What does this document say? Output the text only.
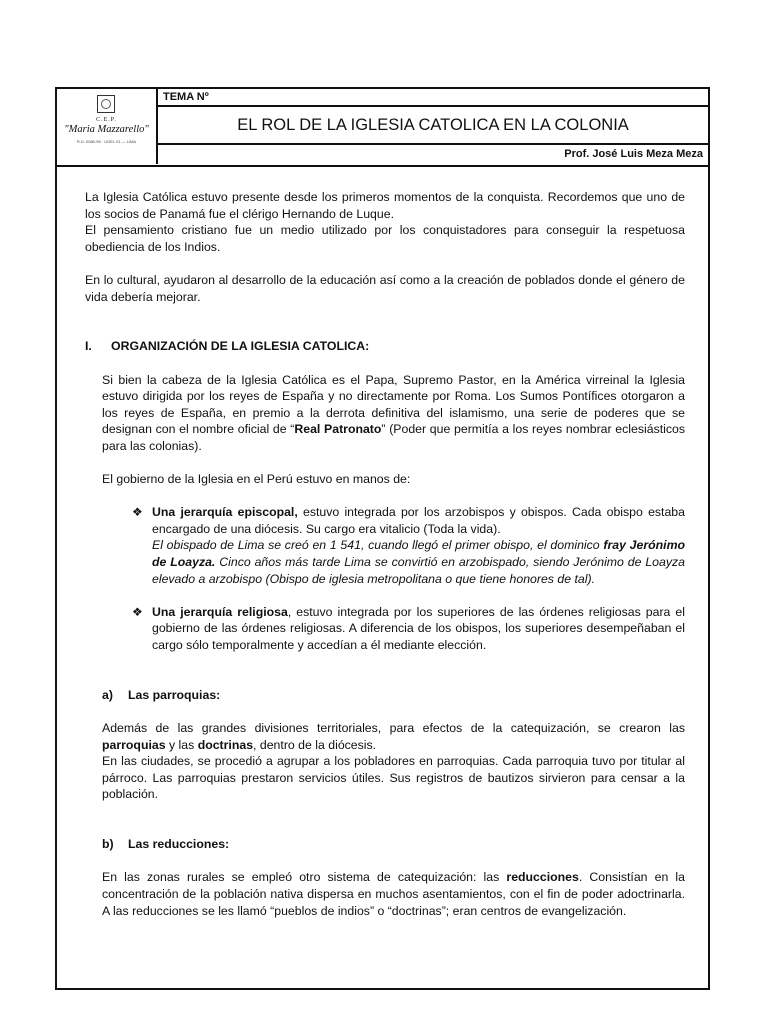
C.E.P.
"Maria Mazzarello"
R.D. 0080-95 · UGEL 01 — LIMA
TEMA Nº
EL ROL DE LA IGLESIA CATOLICA EN LA COLONIA
Prof. José Luis Meza Meza

La Iglesia Católica estuvo presente desde los primeros momentos de la conquista. Recordemos que uno de los socios de Panamá fue el clérigo Hernando de Luque.

El pensamiento cristiano fue un medio utilizado por los conquistadores para conseguir la respetuosa obediencia de los Indios.

En lo cultural, ayudaron al desarrollo de la educación así como a la creación de poblados donde el género de vida debería mejorar.

I. ORGANIZACIÓN DE LA IGLESIA CATOLICA:

Si bien la cabeza de la Iglesia Católica es el Papa, Supremo Pastor, en la América virreinal la Iglesia estuvo dirigida por los reyes de España y no directamente por Roma. Los Sumos Pontífices otorgaron a los reyes de España, en premio a la derrota definitiva del islamismo, una serie de poderes que se designan con el nombre oficial de “Real Patronato” (Poder que permitía a los reyes nombrar eclesiásticos para las colonias).

El gobierno de la Iglesia en el Perú estuvo en manos de:

❖ Una jerarquía episcopal, estuvo integrada por los arzobispos y obispos. Cada obispo estaba encargado de una diócesis. Su cargo era vitalicio (Toda la vida).

El obispado de Lima se creó en 1 541, cuando llegó el primer obispo, el dominico fray Jerónimo de Loayza. Cinco años más tarde Lima se convirtió en arzobispado, siendo Jerónimo de Loayza elevado a arzobispo (Obispo de iglesia metropolitana o que tiene honores de tal).

❖ Una jerarquía religiosa, estuvo integrada por los superiores de las órdenes religiosas para el gobierno de las órdenes religiosas. A diferencia de los obispos, los superiores desempeñaban el cargo sólo temporalmente y accedían a él mediante elección.

a) Las parroquias:

Además de las grandes divisiones territoriales, para efectos de la catequización, se crearon las parroquias y las doctrinas, dentro de la diócesis.

En las ciudades, se procedió a agrupar a los pobladores en parroquias. Cada parroquia tuvo por titular al párroco. Las parroquias prestaron servicios útiles. Sus registros de bautizos sirvieron para censar a la población.

b) Las reducciones:

En las zonas rurales se empleó otro sistema de catequización: las reducciones. Consistían en la concentración de la población nativa dispersa en muchos asentamientos, con el fin de poder adoctrinarla. A las reducciones se les llamó “pueblos de indios” o “doctrinas”; eran centros de evangelización.
